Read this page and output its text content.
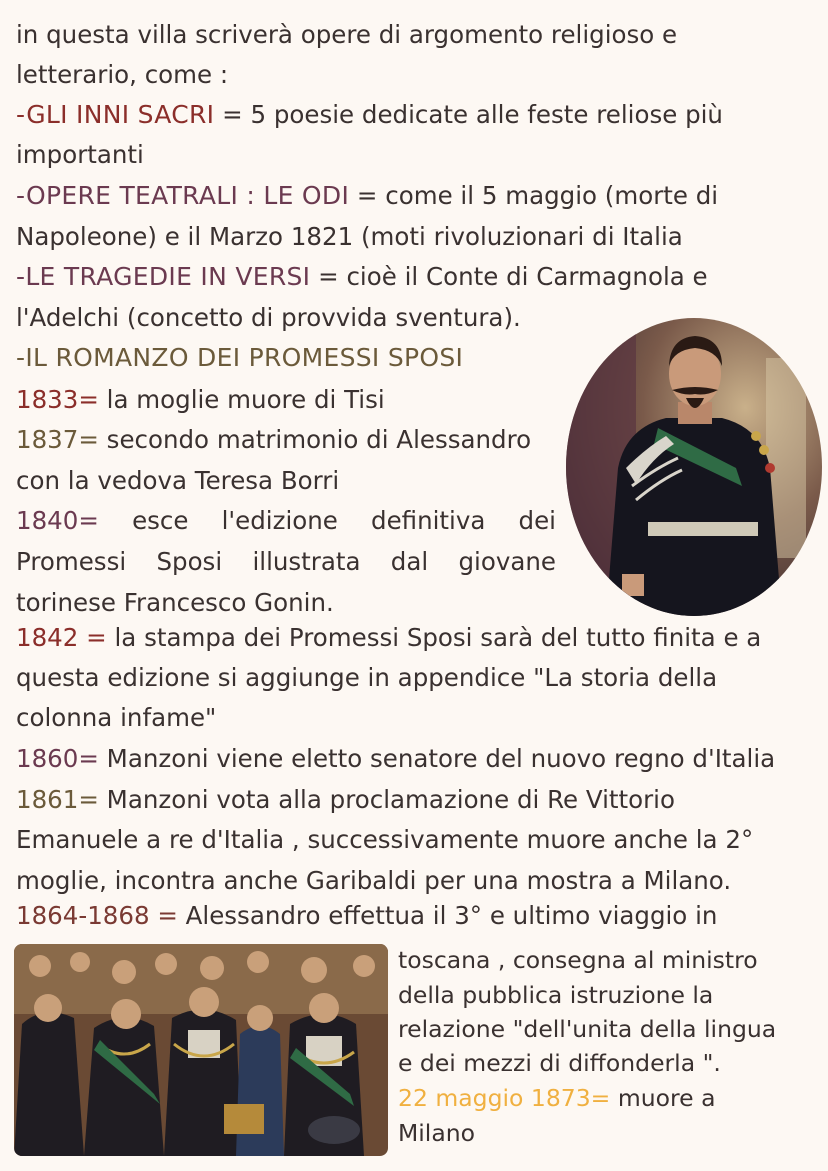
in questa villa scriverà opere di argomento religioso e
letterario, come :
-GLI INNI SACRI = 5 poesie dedicate alle feste reliose più
importanti
-OPERE TEATRALI : LE ODI = come il 5 maggio (morte di
Napoleone) e il Marzo 1821 (moti rivoluzionari di Italia
-LE TRAGEDIE IN VERSI = cioè il Conte di Carmagnola e
l'Adelchi (concetto di provvida sventura).
-IL ROMANZO DEI PROMESSI SPOSI
1833= la moglie muore di Tisi
1837= secondo matrimonio di Alessandro
con la vedova Teresa Borri
1840= esce l'edizione definitiva dei
Promessi Sposi illustrata dal giovane
torinese Francesco Gonin.
1842 = la stampa dei Promessi Sposi sarà del tutto finita e a
questa edizione si aggiunge in appendice "La storia della
colonna infame"
1860= Manzoni viene eletto senatore del nuovo regno d'Italia
1861= Manzoni vota alla proclamazione di Re Vittorio
Emanuele a re d'Italia , successivamente muore anche la 2°
moglie, incontra anche Garibaldi per una mostra a Milano.
1864-1868 = Alessandro effettua il 3° e ultimo viaggio in
toscana , consegna al ministro
della pubblica istruzione la
relazione "dell'unita della lingua
e dei mezzi di diffonderla ".
22 maggio 1873= muore a
Milano
